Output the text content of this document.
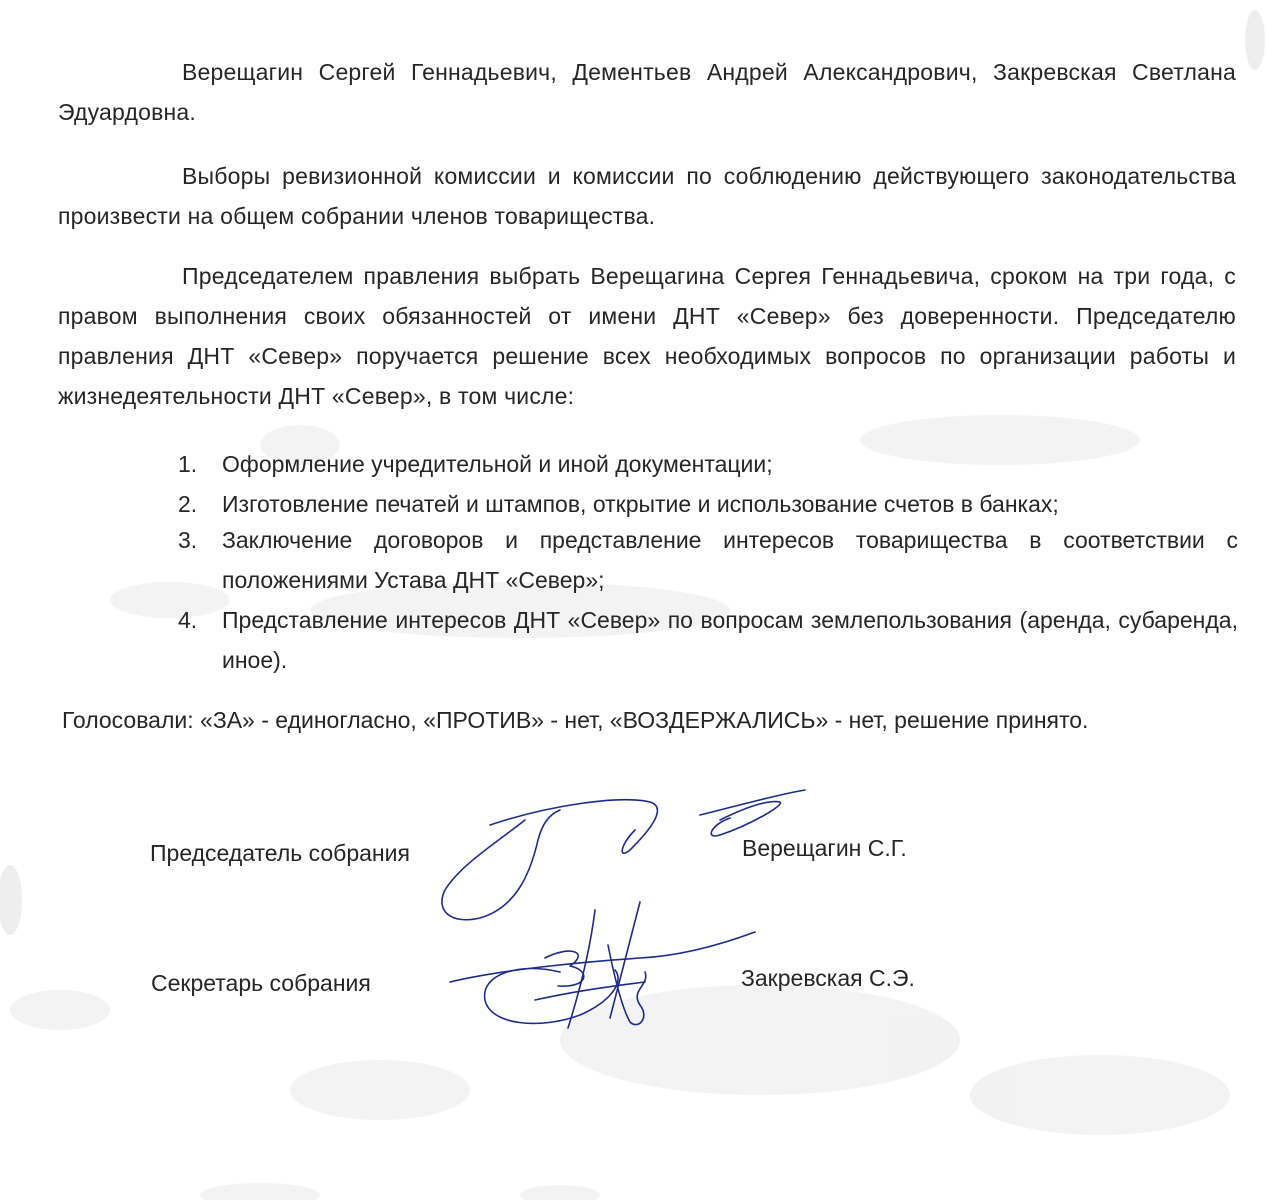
Верещагин Сергей Геннадьевич, Дементьев Андрей Александрович, Закревская Светлана Эдуардовна.

Выборы ревизионной комиссии и комиссии по соблюдению действующего законодательства произвести на общем собрании членов товарищества.

Председателем правления выбрать Верещагина Сергея Геннадьевича, сроком на три года, с правом выполнения своих обязанностей от имени ДНТ «Север» без доверенности. Председателю правления ДНТ «Север» поручается решение всех необходимых вопросов по организации работы и жизнедеятельности ДНТ «Север», в том числе:

1.	Оформление учредительной и иной документации;
2.	Изготовление печатей и штампов, открытие и использование счетов в банках;
3.	Заключение договоров и представление интересов товарищества в соответствии с положениями Устава ДНТ «Север»;
4.	Представление интересов ДНТ «Север» по вопросам землепользования (аренда, субаренда, иное).

Голосовали: «ЗА» - единогласно, «ПРОТИВ» - нет, «ВОЗДЕРЖАЛИСЬ» - нет, решение принято.

Председатель собрания	Верещагин С.Г.
Секретарь собрания	Закревская С.Э.
